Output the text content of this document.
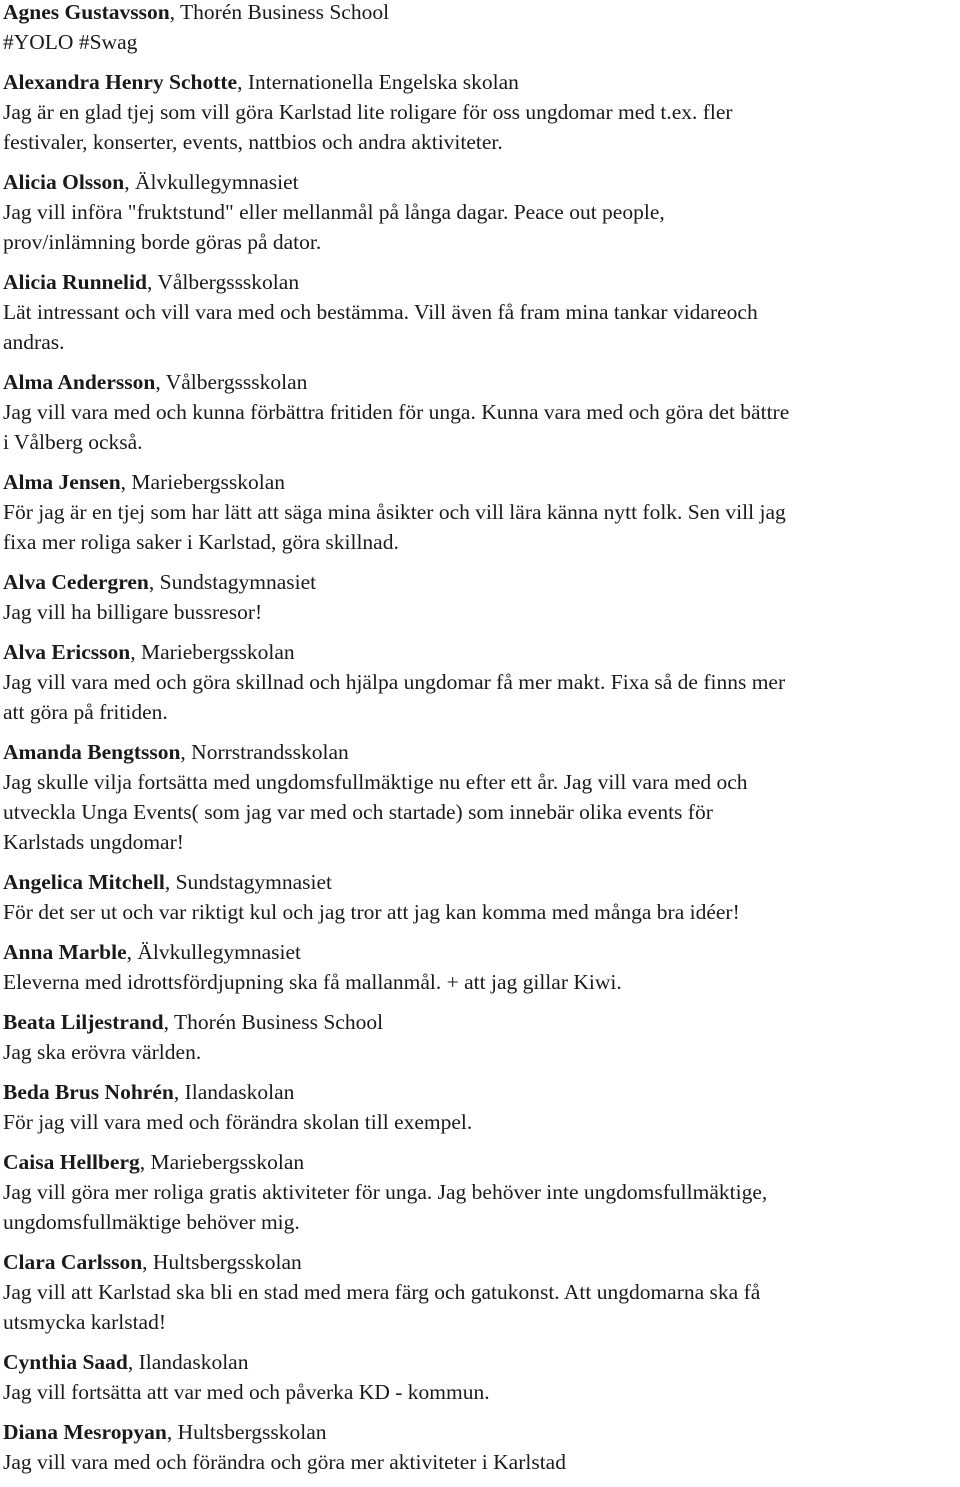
Agnes Gustavsson, Thorén Business School
#YOLO #Swag
Alexandra Henry Schotte, Internationella Engelska skolan
Jag är en glad tjej som vill göra Karlstad lite roligare för oss ungdomar med t.ex. fler
festivaler, konserter, events, nattbios och andra aktiviteter.
Alicia Olsson, Älvkullegymnasiet
Jag vill införa "fruktstund" eller mellanmål på långa dagar. Peace out people,
prov/inlämning borde göras på dator.
Alicia Runnelid, Vålbergssskolan
Lät intressant och vill vara med och bestämma. Vill även få fram mina tankar vidareoch
andras.
Alma Andersson, Vålbergssskolan
Jag vill vara med och kunna förbättra fritiden för unga. Kunna vara med och göra det bättre
i Vålberg också.
Alma Jensen, Mariebergsskolan
För jag är en tjej som har lätt att säga mina åsikter och vill lära känna nytt folk. Sen vill jag
fixa mer roliga saker i Karlstad, göra skillnad.
Alva Cedergren, Sundstagymnasiet
Jag vill ha billigare bussresor!
Alva Ericsson, Mariebergsskolan
Jag vill vara med och göra skillnad och hjälpa ungdomar få mer makt. Fixa så de finns mer
att göra på fritiden.
Amanda Bengtsson, Norrstrandsskolan
Jag skulle vilja fortsätta med ungdomsfullmäktige nu efter ett år. Jag vill vara med och
utveckla Unga Events( som jag var med och startade) som innebär olika events för
Karlstads ungdomar!
Angelica Mitchell, Sundstagymnasiet
För det ser ut och var riktigt kul och jag tror att jag kan komma med många bra idéer!
Anna Marble, Älvkullegymnasiet
Eleverna med idrottsfördjupning ska få mallanmål. + att jag gillar Kiwi.
Beata Liljestrand, Thorén Business School
Jag ska erövra världen.
Beda Brus Nohrén, Ilandaskolan
För jag vill vara med och förändra skolan till exempel.
Caisa Hellberg, Mariebergsskolan
Jag vill göra mer roliga gratis aktiviteter för unga. Jag behöver inte ungdomsfullmäktige,
ungdomsfullmäktige behöver mig.
Clara Carlsson, Hultsbergsskolan
Jag vill att Karlstad ska bli en stad med mera färg och gatukonst. Att ungdomarna ska få
utsmycka karlstad!
Cynthia Saad, Ilandaskolan
Jag vill fortsätta att var med och påverka KD - kommun.
Diana Mesropyan, Hultsbergsskolan
Jag vill vara med och förändra och göra mer aktiviteter i Karlstad
